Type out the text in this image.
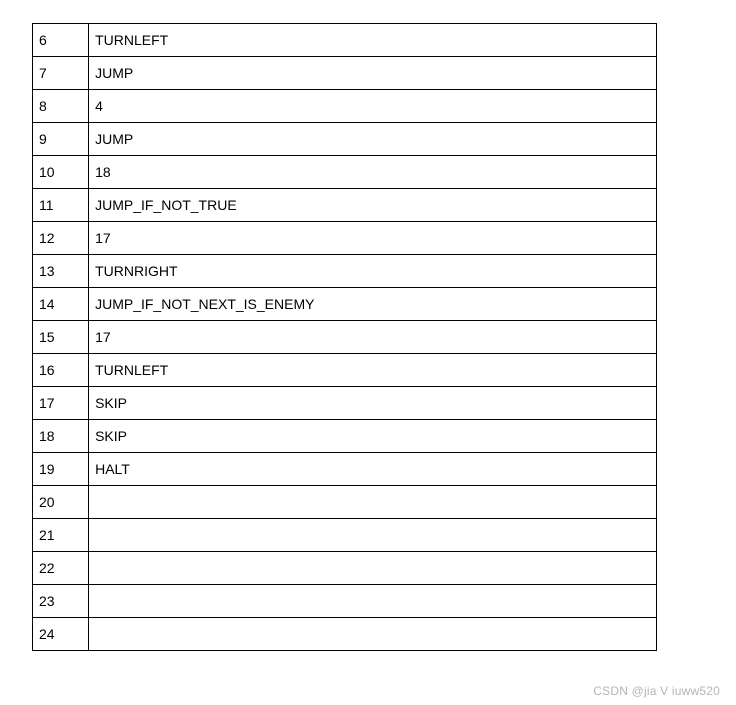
6	TURNLEFT
7	JUMP
8	4
9	JUMP
10	18
11	JUMP_IF_NOT_TRUE
12	17
13	TURNRIGHT
14	JUMP_IF_NOT_NEXT_IS_ENEMY
15	17
16	TURNLEFT
17	SKIP
18	SKIP
19	HALT
20	
21	
22	
23	
24	
CSDN @jia V iuww520
